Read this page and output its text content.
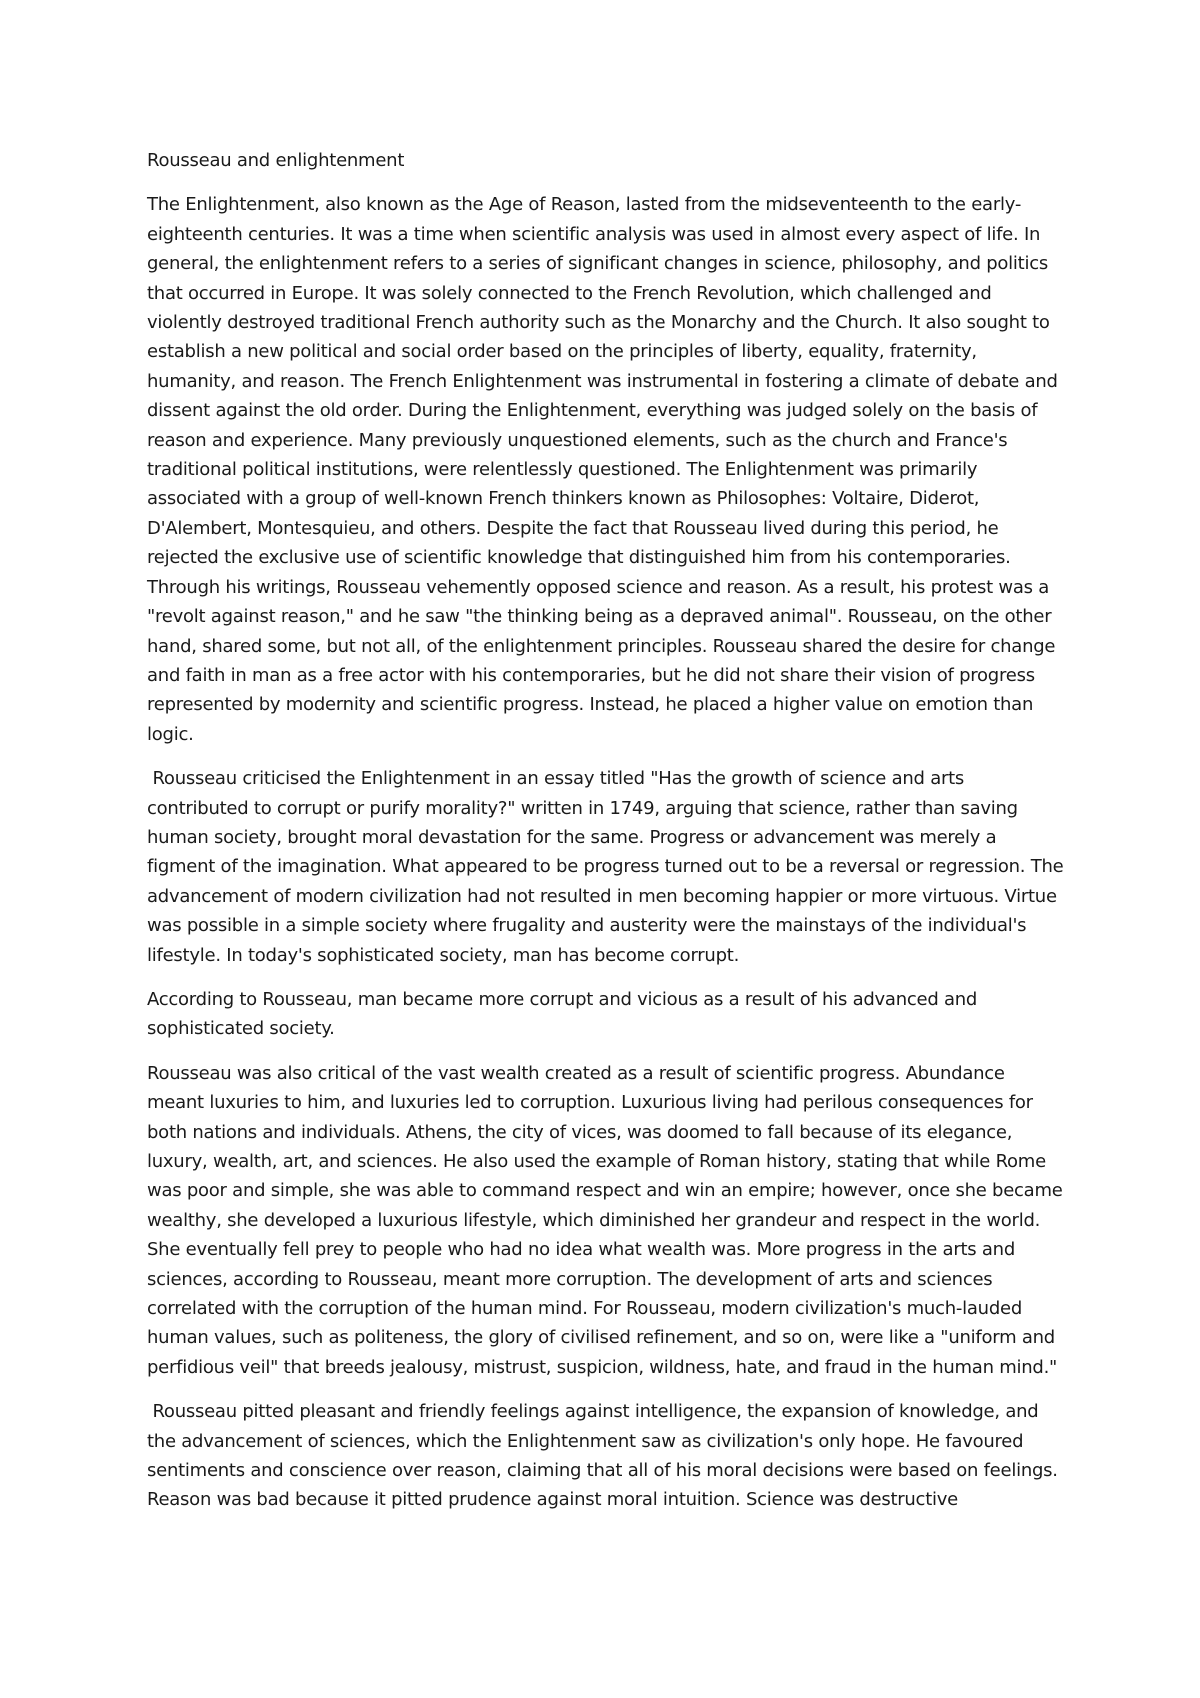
Rousseau and enlightenment

The Enlightenment, also known as the Age of Reason, lasted from the midseventeenth to the early-eighteenth centuries. It was a time when scientific analysis was used in almost every aspect of life. In general, the enlightenment refers to a series of significant changes in science, philosophy, and politics that occurred in Europe. It was solely connected to the French Revolution, which challenged and violently destroyed traditional French authority such as the Monarchy and the Church. It also sought to establish a new political and social order based on the principles of liberty, equality, fraternity, humanity, and reason. The French Enlightenment was instrumental in fostering a climate of debate and dissent against the old order. During the Enlightenment, everything was judged solely on the basis of reason and experience. Many previously unquestioned elements, such as the church and France's traditional political institutions, were relentlessly questioned. The Enlightenment was primarily associated with a group of well-known French thinkers known as Philosophes: Voltaire, Diderot, D'Alembert, Montesquieu, and others. Despite the fact that Rousseau lived during this period, he rejected the exclusive use of scientific knowledge that distinguished him from his contemporaries. Through his writings, Rousseau vehemently opposed science and reason. As a result, his protest was a "revolt against reason," and he saw "the thinking being as a depraved animal". Rousseau, on the other hand, shared some, but not all, of the enlightenment principles. Rousseau shared the desire for change and faith in man as a free actor with his contemporaries, but he did not share their vision of progress represented by modernity and scientific progress. Instead, he placed a higher value on emotion than logic.

Rousseau criticised the Enlightenment in an essay titled "Has the growth of science and arts contributed to corrupt or purify morality?" written in 1749, arguing that science, rather than saving human society, brought moral devastation for the same. Progress or advancement was merely a figment of the imagination. What appeared to be progress turned out to be a reversal or regression. The advancement of modern civilization had not resulted in men becoming happier or more virtuous. Virtue was possible in a simple society where frugality and austerity were the mainstays of the individual's lifestyle. In today's sophisticated society, man has become corrupt.

According to Rousseau, man became more corrupt and vicious as a result of his advanced and sophisticated society.

Rousseau was also critical of the vast wealth created as a result of scientific progress. Abundance meant luxuries to him, and luxuries led to corruption. Luxurious living had perilous consequences for both nations and individuals. Athens, the city of vices, was doomed to fall because of its elegance, luxury, wealth, art, and sciences. He also used the example of Roman history, stating that while Rome was poor and simple, she was able to command respect and win an empire; however, once she became wealthy, she developed a luxurious lifestyle, which diminished her grandeur and respect in the world. She eventually fell prey to people who had no idea what wealth was. More progress in the arts and sciences, according to Rousseau, meant more corruption. The development of arts and sciences correlated with the corruption of the human mind. For Rousseau, modern civilization's much-lauded human values, such as politeness, the glory of civilised refinement, and so on, were like a "uniform and perfidious veil" that breeds jealousy, mistrust, suspicion, wildness, hate, and fraud in the human mind."

Rousseau pitted pleasant and friendly feelings against intelligence, the expansion of knowledge, and the advancement of sciences, which the Enlightenment saw as civilization's only hope. He favoured sentiments and conscience over reason, claiming that all of his moral decisions were based on feelings. Reason was bad because it pitted prudence against moral intuition. Science was destructive
